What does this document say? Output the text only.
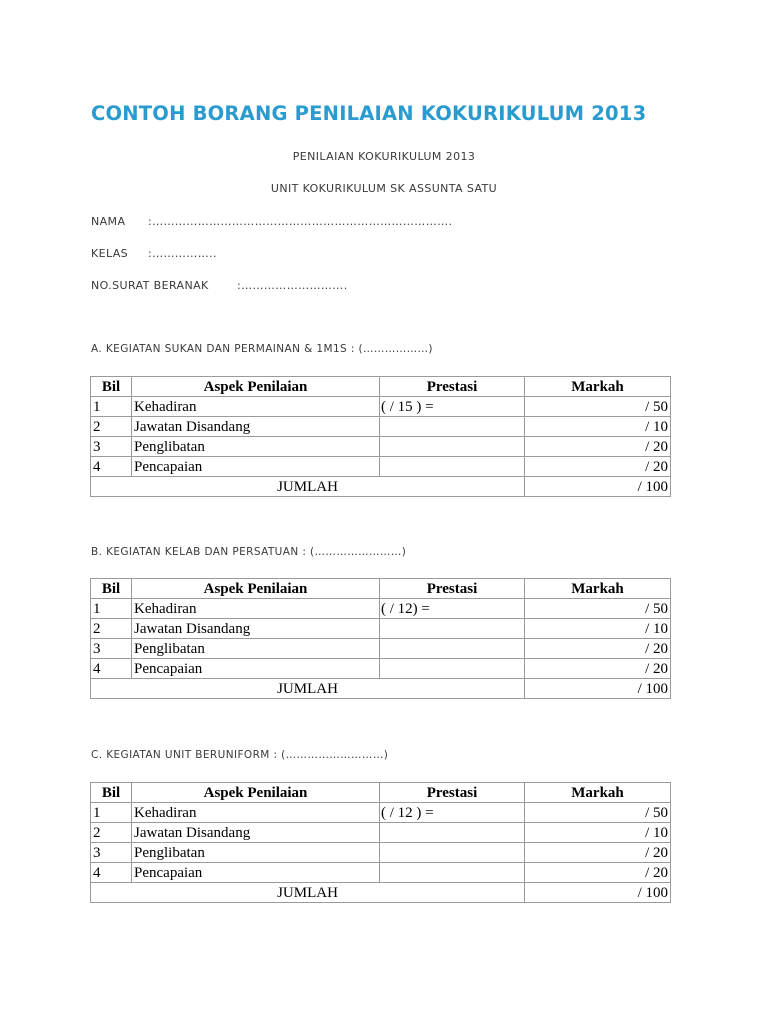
CONTOH BORANG PENILAIAN KOKURIKULUM 2013
PENILAIAN KOKURIKULUM 2013
UNIT KOKURIKULUM SK ASSUNTA SATU
NAMA :…………………………………………………………………….
KELAS :……………..
NO.SURAT BERANAK	:……………………….
A. KEGIATAN SUKAN DAN PERMAINAN & 1M1S : (………………)
Bil	Aspek Penilaian	Prestasi	Markah
1	Kehadiran	( / 15 ) =	/ 50
2	Jawatan Disandang		/ 10
3	Penglibatan		/ 20
4	Pencapaian		/ 20
JUMLAH			/ 100
B. KEGIATAN KELAB DAN PERSATUAN : (……………………)
Bil	Aspek Penilaian	Prestasi	Markah
1	Kehadiran	( / 12) =	/ 50
2	Jawatan Disandang		/ 10
3	Penglibatan		/ 20
4	Pencapaian		/ 20
JUMLAH			/ 100
C. KEGIATAN UNIT BERUNIFORM : (………………………)
Bil	Aspek Penilaian	Prestasi	Markah
1	Kehadiran	( / 12 ) =	/ 50
2	Jawatan Disandang		/ 10
3	Penglibatan		/ 20
4	Pencapaian		/ 20
JUMLAH			/ 100
